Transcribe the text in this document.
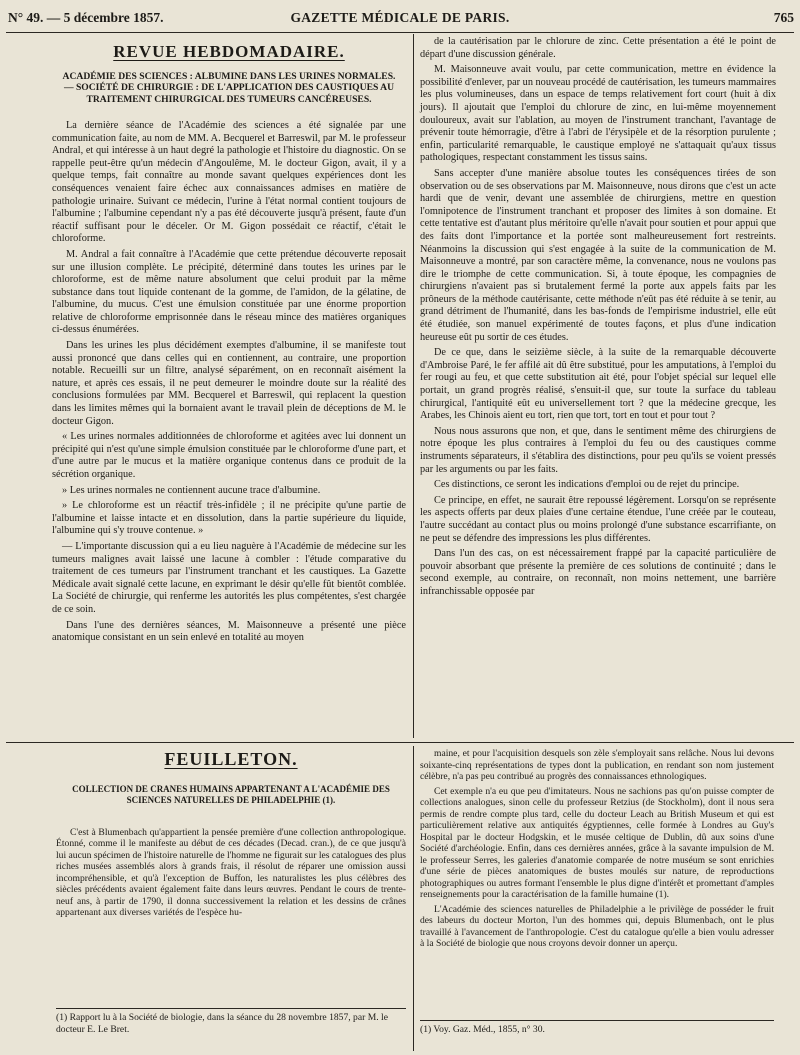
N° 49. — 5 décembre 1857.	GAZETTE MÉDICALE DE PARIS.	765
REVUE HEBDOMADAIRE.
ACADÉMIE DES SCIENCES : ALBUMINE DANS LES URINES NORMALES. — SOCIÉTÉ DE CHIRURGIE : DE L'APPLICATION DES CAUSTIQUES AU TRAITEMENT CHIRURGICAL DES TUMEURS CANCÉREUSES.

La dernière séance de l'Académie des sciences a été signalée par une communication faite, au nom de MM. A. Becquerel et Barreswil, par M. le professeur Andral, et qui intéresse à un haut degré la pathologie et l'histoire du diagnostic. On se rappelle peut-être qu'un médecin d'Angoulême, M. le docteur Gigon, avait, il y a quelque temps, fait connaître au monde savant quelques expériences dont les conséquences venaient faire échec aux connaissances admises en matière de pathologie urinaire. Suivant ce médecin, l'urine à l'état normal contient toujours de l'albumine ; l'albumine cependant n'y a pas été découverte jusqu'à présent, faute d'un réactif suffisant pour le déceler. Or M. Gigon possédait ce réactif, c'était le chloroforme.

M. Andral a fait connaître à l'Académie que cette prétendue découverte reposait sur une illusion complète. Le précipité, déterminé dans toutes les urines par le chloroforme, est de même nature absolument que celui produit par la même substance dans tout liquide contenant de la gomme, de l'amidon, de la gélatine, de l'albumine, du mucus. C'est une émulsion constituée par une énorme proportion relative de chloroforme emprisonnée dans le réseau mince des matières organiques ci-dessus énumérées.

Dans les urines les plus décidément exemptes d'albumine, il se manifeste tout aussi prononcé que dans celles qui en contiennent, au contraire, une proportion notable. Recueilli sur un filtre, analysé séparément, on en reconnaît aisément la nature, et après ces essais, il ne peut demeurer le moindre doute sur la réalité des conclusions formulées par MM. Becquerel et Barreswil, qui replacent la question dans les limites mêmes qui la bornaient avant le travail plein de déceptions de M. le docteur Gigon.

« Les urines normales additionnées de chloroforme et agitées avec lui donnent un précipité qui n'est qu'une simple émulsion constituée par le chloroforme d'une part, et d'une autre par le mucus et la matière organique contenus dans ce produit de la sécrétion organique.

» Les urines normales ne contiennent aucune trace d'albumine.

» Le chloroforme est un réactif très-infidèle ; il ne précipite qu'une partie de l'albumine et laisse intacte et en dissolution, dans la partie supérieure du liquide, l'albumine qui s'y trouve contenue. »

— L'importante discussion qui a eu lieu naguère à l'Académie de médecine sur les tumeurs malignes avait laissé une lacune à combler : l'étude comparative du traitement de ces tumeurs par l'instrument tranchant et les caustiques. La Gazette Médicale avait signalé cette lacune, en exprimant le désir qu'elle fût bientôt comblée. La Société de chirurgie, qui renferme les autorités les plus compétentes, s'est chargée de ce soin.

Dans l'une des dernières séances, M. Maisonneuve a présenté une pièce anatomique consistant en un sein enlevé en totalité au moyen

de la cautérisation par le chlorure de zinc. Cette présentation a été le point de départ d'une discussion générale.

M. Maisonneuve avait voulu, par cette communication, mettre en évidence la possibilité d'enlever, par un nouveau procédé de cautérisation, les tumeurs mammaires les plus volumineuses, dans un espace de temps relativement fort court (huit à dix jours). Il ajoutait que l'emploi du chlorure de zinc, en lui-même moyennement douloureux, avait sur l'ablation, au moyen de l'instrument tranchant, l'avantage de prévenir toute hémorragie, d'être à l'abri de l'érysipèle et de la résorption purulente ; enfin, particularité remarquable, le caustique employé ne s'attaquait qu'aux tissus pathologiques, respectant constamment les tissus sains.

Sans accepter d'une manière absolue toutes les conséquences tirées de son observation ou de ses observations par M. Maisonneuve, nous dirons que c'est un acte hardi que de venir, devant une assemblée de chirurgiens, mettre en question l'omnipotence de l'instrument tranchant et proposer des limites à son domaine. Et cette tentative est d'autant plus méritoire qu'elle n'avait pour soutien et pour appui que des faits dont l'importance et la portée sont malheureusement fort restreints. Néanmoins la discussion qui s'est engagée à la suite de la communication de M. Maisonneuve a montré, par son caractère même, la convenance, nous ne voulons pas dire le triomphe de cette communication. Si, à toute époque, les compagnies de chirurgiens n'avaient pas si brutalement fermé la porte aux appels faits par les prôneurs de la méthode cautérisante, cette méthode n'eût pas été réduite à se tenir, au grand détriment de l'humanité, dans les bas-fonds de l'empirisme industriel, elle eût été étudiée, son manuel expérimenté de toutes façons, et plus d'une indication heureuse eût pu sortir de ces études.

De ce que, dans le seizième siècle, à la suite de la remarquable découverte d'Ambroise Paré, le fer affilé ait dû être substitué, pour les amputations, à l'emploi du fer rougi au feu, et que cette substitution ait été, pour l'objet spécial sur lequel elle portait, un grand progrès réalisé, s'ensuit-il que, sur toute la surface du tableau chirurgical, l'antiquité eût eu universellement tort ? que la médecine grecque, les Arabes, les Chinois aient eu tort, rien que tort, tort en tout et pour tout ?

Nous nous assurons que non, et que, dans le sentiment même des chirurgiens de notre époque les plus contraires à l'emploi du feu ou des caustiques comme instruments séparateurs, il s'établira des distinctions, pour peu qu'ils se voient pressés par les arguments ou par les faits.

Ces distinctions, ce seront les indications d'emploi ou de rejet du principe.

Ce principe, en effet, ne saurait être repoussé légèrement. Lorsqu'on se représente les aspects offerts par deux plaies d'une certaine étendue, l'une créée par le couteau, l'autre succédant au contact plus ou moins prolongé d'une substance escarrifiante, on ne peut se défendre des impressions les plus différentes.

Dans l'un des cas, on est nécessairement frappé par la capacité particulière de pouvoir absorbant que présente la première de ces solutions de continuité ; dans le second exemple, au contraire, on reconnaît, non moins nettement, une barrière infranchissable opposée par

FEUILLETON.
COLLECTION DE CRANES HUMAINS APPARTENANT A L'ACADÉMIE DES SCIENCES NATURELLES DE PHILADELPHIE (1).

C'est à Blumenbach qu'appartient la pensée première d'une collection anthropologique. Étonné, comme il le manifeste au début de ces décades (Decad. cran.), de ce que jusqu'à lui aucun spécimen de l'histoire naturelle de l'homme ne figurait sur les catalogues des plus riches musées assemblés alors à grands frais, il résolut de réparer une omission aussi incompréhensible, et qu'à l'exception de Buffon, les naturalistes les plus célèbres des siècles précédents avaient également faite dans leurs œuvres. Pendant le cours de trente-neuf ans, à partir de 1790, il donna successivement la relation et les dessins de crânes appartenant aux diverses variétés de l'espèce hu-

maine, et pour l'acquisition desquels son zèle s'employait sans relâche. Nous lui devons soixante-cinq représentations de types dont la publication, en rendant son nom justement célèbre, n'a pas peu contribué au progrès des connaissances ethnologiques.

Cet exemple n'a eu que peu d'imitateurs. Nous ne sachions pas qu'on puisse compter de collections analogues, sinon celle du professeur Retzius (de Stockholm), dont il nous sera permis de rendre compte plus tard, celle du docteur Leach au British Museum et qui est particulièrement relative aux antiquités égyptiennes, celle formée à Londres au Guy's Hospital par le docteur Hodgskin, et le musée celtique de Dublin, dû aux soins d'une Société d'archéologie. Enfin, dans ces dernières années, grâce à la savante impulsion de M. le professeur Serres, les galeries d'anatomie comparée de notre muséum se sont enrichies d'une série de pièces anatomiques de bustes moulés sur nature, de reproductions photographiques ou autres formant l'ensemble le plus digne d'intérêt et promettant d'amples renseignements pour la caractérisation de la famille humaine (1).

L'Académie des sciences naturelles de Philadelphie a le privilège de posséder le fruit des labeurs du docteur Morton, l'un des hommes qui, depuis Blumenbach, ont le plus travaillé à l'avancement de l'anthropologie. C'est du catalogue qu'elle a bien voulu adresser à la Société de biologie que nous croyons devoir donner un aperçu.

(1) Rapport lu à la Société de biologie, dans la séance du 28 novembre 1857, par M. le docteur E. Le Bret.	(1) Voy. Gaz. Méd., 1855, n° 30.
